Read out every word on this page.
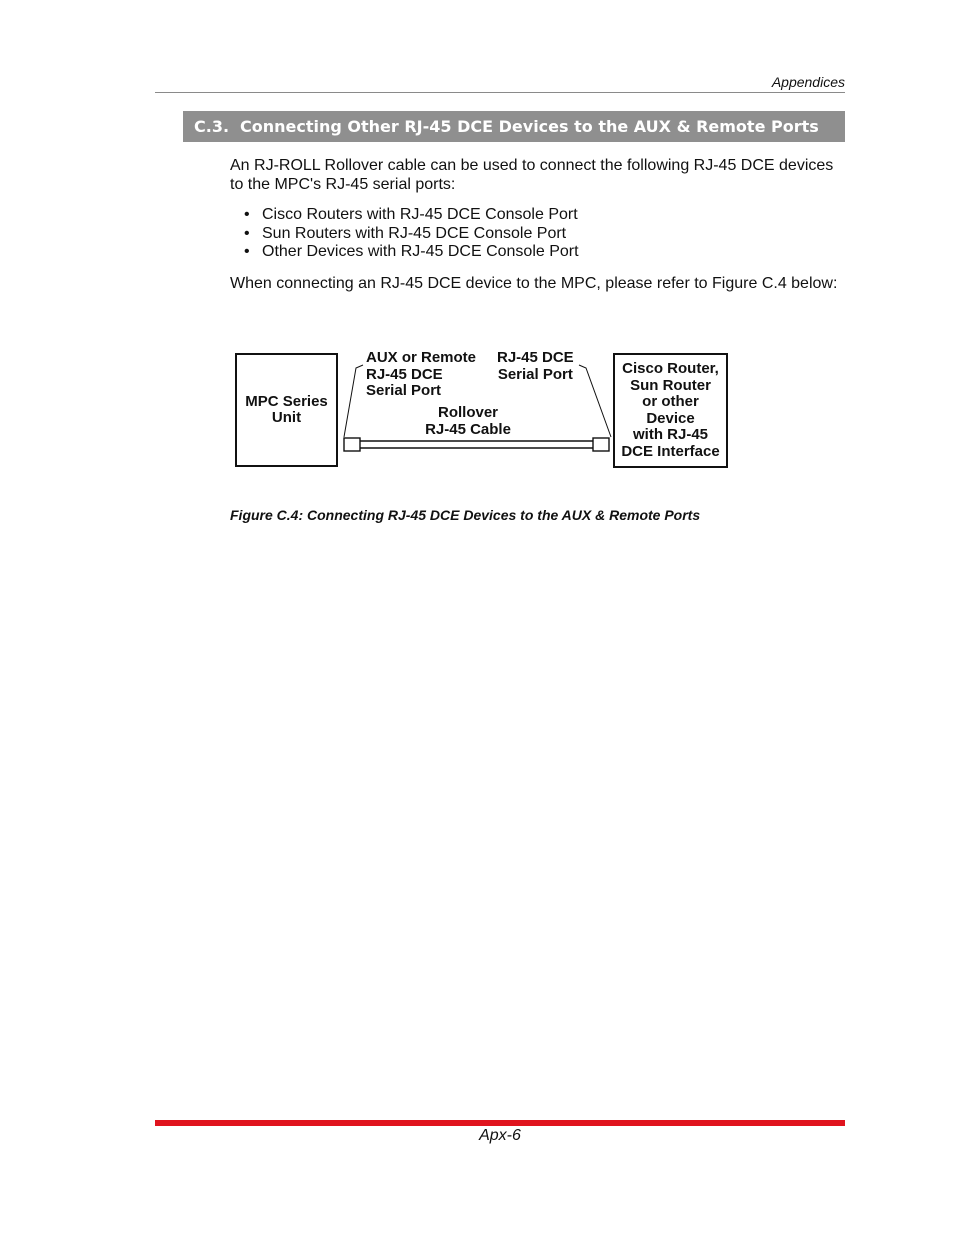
Appendices
C.3. Connecting Other RJ-45 DCE Devices to the AUX & Remote Ports
An RJ-ROLL Rollover cable can be used to connect the following RJ-45 DCE devices to the MPC's RJ-45 serial ports:
• Cisco Routers with RJ-45 DCE Console Port
• Sun Routers with RJ-45 DCE Console Port
• Other Devices with RJ-45 DCE Console Port
When connecting an RJ-45 DCE device to the MPC, please refer to Figure C.4 below:
MPC Series
Unit
AUX or Remote
RJ-45 DCE
Serial Port
RJ-45 DCE
Serial Port
Rollover
RJ-45 Cable
Cisco Router,
Sun Router
or other
Device
with RJ-45
DCE Interface
Figure C.4: Connecting RJ-45 DCE Devices to the AUX & Remote Ports
Apx-6
